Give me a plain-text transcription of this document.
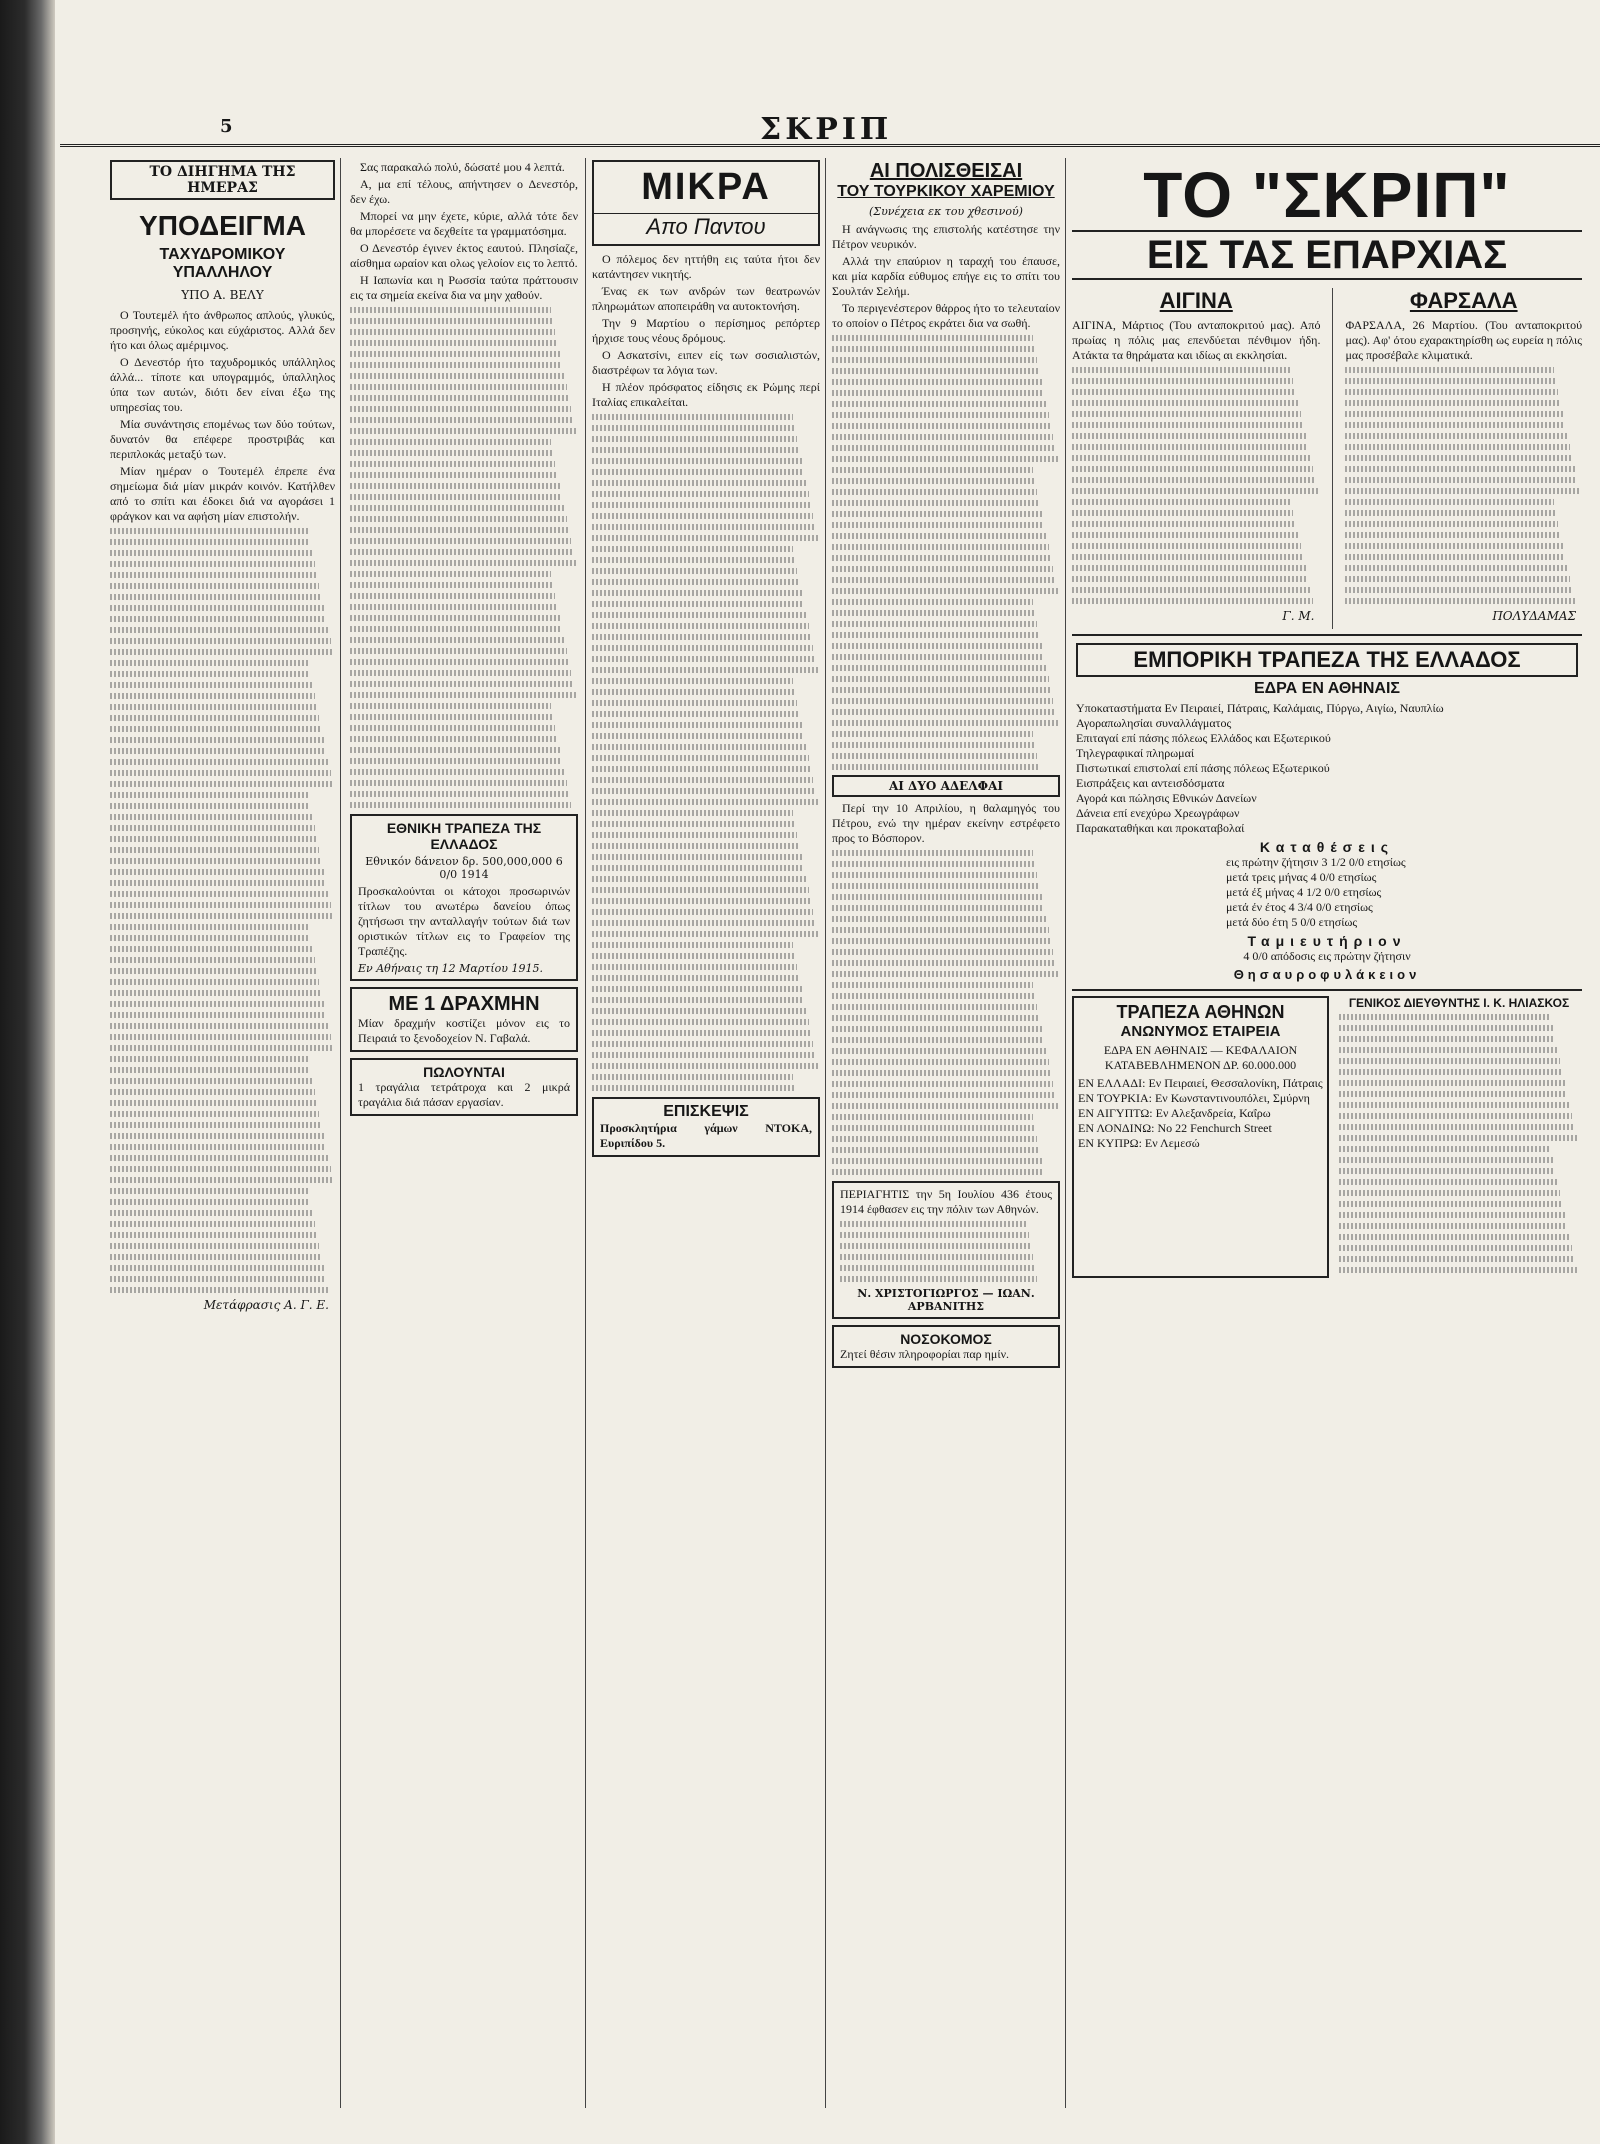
5	ΣΚΡΙΠ
ΤΟ ΔΙΗΓΗΜΑ ΤΗΣ ΗΜΕΡΑΣ
ΥΠΟΔΕΙΓΜΑ
ΤΑΧΥΔΡΟΜΙΚΟΥ ΥΠΑΛΛΗΛΟΥ
ΥΠΟ Α. ΒΕΛΥ

Ο Τουτεμέλ ήτο άνθρωπος απλούς, γλυκύς, προσηνής, εύκολος και εύχάριστος. Αλλά δεν ήτο και όλως αμέριμνος.

Ο Δενεστόρ ήτο ταχυδρομικός υπάλληλος άλλά... τίποτε και υπογραμμός, ύπαλληλος ύπα των αυτών, διότι δεν είναι έξω της υπηρεσίας του.

Μία συνάντησις επομένως των δύο τούτων, δυνατόν θα επέφερε προστριβάς και περιπλοκάς μεταξύ των.

Μίαν ημέραν ο Τουτεμέλ έπρεπε ένα σημείωμα διά μίαν μικράν κοινόν. Κατήλθεν από το σπίτι και έδοκει διά να αγοράσει 1 φράγκον και να αφήση μίαν επιστολήν.

Μετάφρασις Α. Γ. Ε.

Σας παρακαλώ πολύ, δώσατέ μου 4 λεπτά.

Α, μα επί τέλους, απήντησεν ο Δενεστόρ, δεν έχω.

Μπορεί να μην έχετε, κύριε, αλλά τότε δεν θα μπορέσετε να δεχθείτε τα γραμματόσημα.

Ο Δενεστόρ έγινεν έκτος εαυτού. Πλησίαζε, αίσθημα ωραίον και ολως γελοίον εις το λεπτό.

Η Ιαπωνία και η Ρωσσία ταύτα πράττουσιν εις τα σημεία εκείνα δια να μην χαθούν.

ΕΘΝΙΚΗ ΤΡΑΠΕΖΑ ΤΗΣ ΕΛΛΑΔΟΣ
Εθνικόν δάνειον δρ. 500,000,000 6 0/0 1914
Προσκαλούνται οι κάτοχοι προσωρινών τίτλων του ανωτέρω δανείου όπως ζητήσωσι την ανταλλαγήν τούτων διά των οριστικών τίτλων εις το Γραφείον της Τραπέζης.
Εν Αθήναις τη 12 Μαρτίου 1915.
ΜΕ 1 ΔΡΑΧΜΗΝ
Μίαν δραχμήν κοστίζει μόνον εις το Πειραιά το ξενοδοχείον Ν. Γαβαλά.
ΠΩΛΟΥΝΤΑΙ
1 τραγάλια τετράτροχα και 2 μικρά τραγάλια διά πάσαν εργασίαν.
ΜΙΚΡΑ
Απο Παντου

Ο πόλεμος δεν ηττήθη εις ταύτα ήτοι δεν κατάντησεν νικητής.

Ένας εκ των ανδρών των θεατρωνών πληρωμάτων αποπειράθη να αυτοκτονήση.

Την 9 Μαρτίου ο περίσημος ρεπόρτερ ήρχισε τους νέους δρόμους.

Ο Ασκατσίνι, ειπεν είς των σοσιαλιστών, διαστρέφων τα λόγια των.

Η πλέον πρόσφατος είδησις εκ Ρώμης περί Ιταλίας επικαλείται.

ΕΠΙΣΚΕΨΙΣ
Προσκλητήρια γάμων ΝΤΟΚΑ, Ευριπίδου 5.
ΑΙ ΠΟΛΙΣΘΕΙΣΑΙ
ΤΟΥ ΤΟΥΡΚΙΚΟΥ ΧΑΡΕΜΙΟΥ
(Συνέχεια εκ του χθεσινού)

Η ανάγνωσις της επιστολής κατέστησε την Πέτρον νευρικόν.

Αλλά την επαύριον η ταραχή του έπαυσε, και μία καρδία εύθυμος επήγε εις το σπίτι του Σουλτάν Σελήμ.

Το περιγενέστερον θάρρος ήτο το τελευταίον το οποίον ο Πέτρος εκράτει δια να σωθή.

ΑΙ ΔΥΟ ΑΔΕΛΦΑΙ

Περί την 10 Απριλίου, η θαλαμηγός του Πέτρου, ενώ την ημέραν εκείνην εστρέφετο προς το Βόσπορον.

ΠΕΡΙΑΓΗΤΙΣ την 5η Ιουλίου 436 έτους 1914 έφθασεν εις την πόλιν των Αθηνών.
Ν. ΧΡΙΣΤΟΓΙΩΡΓΟΣ — ΙΩΑΝ. ΑΡΒΑΝΙΤΗΣ
ΝΟΣΟΚΟΜΟΣ
Ζητεί θέσιν πληροφορίαι παρ ημίν.
ΤΟ "ΣΚΡΙΠ"
ΕΙΣ ΤΑΣ ΕΠΑΡΧΙΑΣ
ΑΙΓΙΝΑ
ΑΙΓΙΝΑ, Μάρτιος (Του ανταποκριτού μας). Από πρωίας η πόλις μας επενδύεται πένθιμον ήδη. Ατάκτα τα θηράματα και ιδίως αι εκκλησίαι.
Γ. Μ.
ΦΑΡΣΑΛΑ
ΦΑΡΣΑΛΑ, 26 Μαρτίου. (Του ανταποκριτού μας). Αφ' ότου εχαρακτηρίσθη ως ευρεία η πόλις μας προσέβαλε κλιματικά.
ΠΟΛΥΔΑΜΑΣ
ΕΜΠΟΡΙΚΗ ΤΡΑΠΕΖΑ ΤΗΣ ΕΛΛΑΔΟΣ
ΕΔΡΑ ΕΝ ΑΘΗΝΑΙΣ
Υποκαταστήματα Εν Πειραιεί, Πάτραις, Καλάμαις, Πύργω, Αιγίω, Ναυπλίω
Αγοραπωλησίαι συναλλάγματος
Επιταγαί επί πάσης πόλεως Ελλάδος και Εξωτερικού
Τηλεγραφικαί πληρωμαί
Πιστωτικαί επιστολαί επί πάσης πόλεως Εξωτερικού
Εισπράξεις και αντεισδόσματα
Αγορά και πώλησις Εθνικών Δανείων
Δάνεια επί ενεχύρω Χρεωγράφων
Παρακαταθήκαι και προκαταβολαί
Καταθέσεις
εις πρώτην ζήτησιν 3 1/2 0/0 ετησίως
μετά τρεις μήνας 4 0/0 ετησίως
μετά έξ μήνας 4 1/2 0/0 ετησίως
μετά έν έτος 4 3/4 0/0 ετησίως
μετά δύο έτη 5 0/0 ετησίως
Ταμιευτήριον
4 0/0 απόδοσις εις πρώτην ζήτησιν
Θησαυροφυλάκειον
ΤΡΑΠΕΖΑ ΑΘΗΝΩΝ
ΑΝΩΝΥΜΟΣ ΕΤΑΙΡΕΙΑ
ΕΔΡΑ ΕΝ ΑΘΗΝΑΙΣ — ΚΕΦΑΛΑΙΟΝ ΚΑΤΑΒΕΒΛΗΜΕΝΟΝ ΔΡ. 60.000.000
ΕΝ ΕΛΛΑΔΙ: Εν Πειραιεί, Θεσσαλονίκη, Πάτραις
ΕΝ ΤΟΥΡΚΙΑ: Εν Κωνσταντινουπόλει, Σμύρνη
ΕΝ ΑΙΓΥΠΤΩ: Εν Αλεξανδρεία, Καΐρω
ΕΝ ΛΟΝΔΙΝΩ: No 22 Fenchurch Street
ΕΝ ΚΥΠΡΩ: Εν Λεμεσώ
ΓΕΝΙΚΟΣ ΔΙΕΥΘΥΝΤΗΣ Ι. Κ. ΗΛΙΑΣΚΟΣ
